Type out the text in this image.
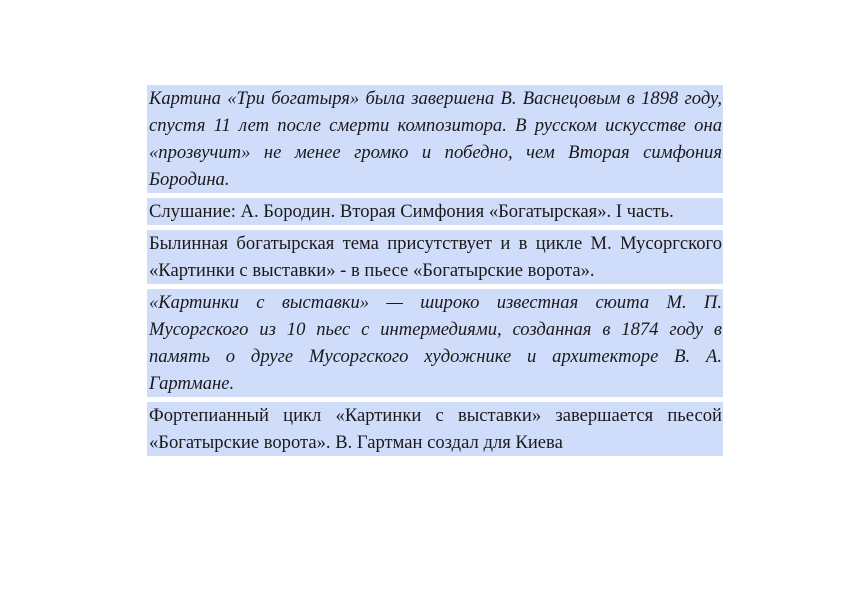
Картина «Три богатыря» была завершена В. Васнецовым в 1898 году, спустя 11 лет после смерти композитора. В русском искусстве она «прозвучит» не менее громко и победно, чем Вторая симфония Бородина.

Слушание: А. Бородин. Вторая Симфония «Богатырская». I часть.

Былинная богатырская тема присутствует и в цикле М. Мусоргского «Картинки с выставки» - в пьесе «Богатырские ворота».

«Картинки с выставки» — широко известная сюита М. П. Мусоргского из 10 пьес с интермедиями, созданная в 1874 году в память о друге Мусоргского художнике и архитекторе В. А. Гартмане.

Фортепианный цикл «Картинки с выставки» завершается пьесой «Богатырские ворота». В. Гартман создал для Киева
